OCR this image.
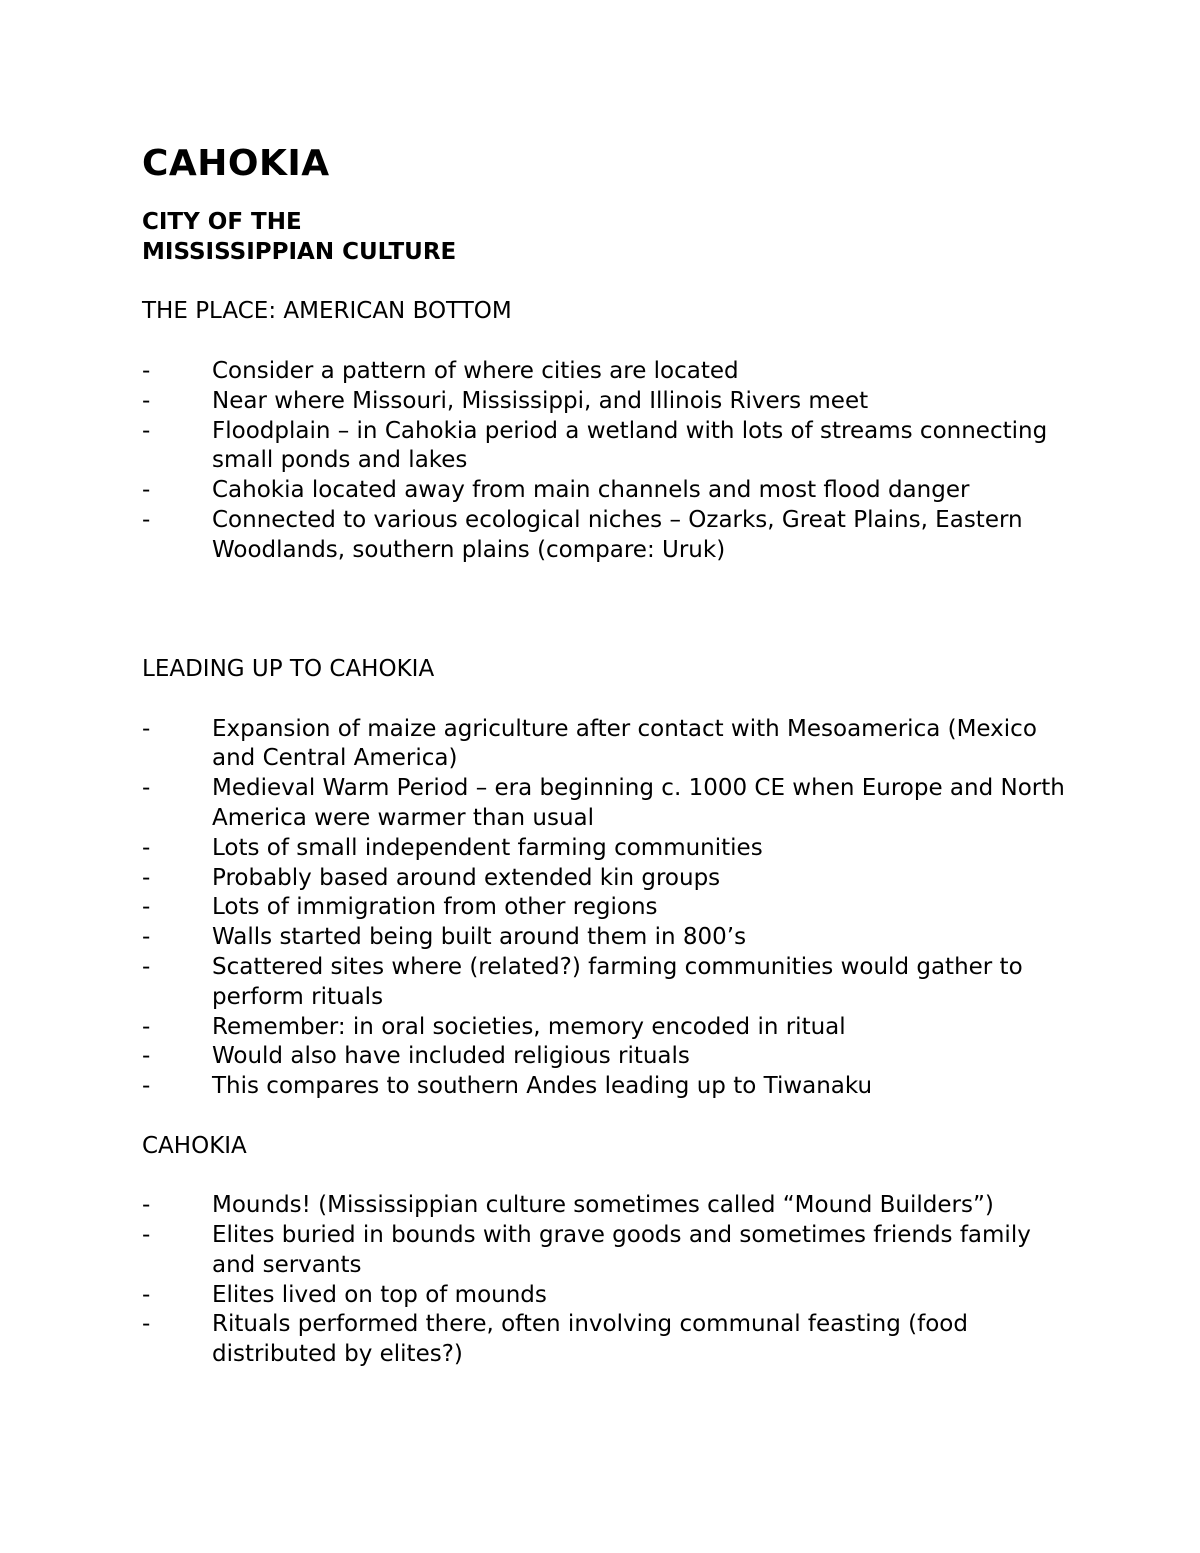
CAHOKIA

CITY OF THE

MISSISSIPPIAN CULTURE

THE PLACE: AMERICAN BOTTOM

-	Consider a pattern of where cities are located

-	Near where Missouri, Mississippi, and Illinois Rivers meet

-	Floodplain – in Cahokia period a wetland with lots of streams connecting small ponds and lakes

-	Cahokia located away from main channels and most flood danger

-	Connected to various ecological niches – Ozarks, Great Plains, Eastern Woodlands, southern plains (compare: Uruk)

LEADING UP TO CAHOKIA

-	Expansion of maize agriculture after contact with Mesoamerica (Mexico and Central America)

-	Medieval Warm Period – era beginning c. 1000 CE when Europe and North America were warmer than usual

-	Lots of small independent farming communities

-	Probably based around extended kin groups

-	Lots of immigration from other regions

-	Walls started being built around them in 800’s

-	Scattered sites where (related?) farming communities would gather to perform rituals

-	Remember: in oral societies, memory encoded in ritual

-	Would also have included religious rituals

-	This compares to southern Andes leading up to Tiwanaku

CAHOKIA

-	Mounds! (Mississippian culture sometimes called “Mound Builders”)

-	Elites buried in bounds with grave goods and sometimes friends family and servants

-	Elites lived on top of mounds

-	Rituals performed there, often involving communal feasting (food distributed by elites?)
